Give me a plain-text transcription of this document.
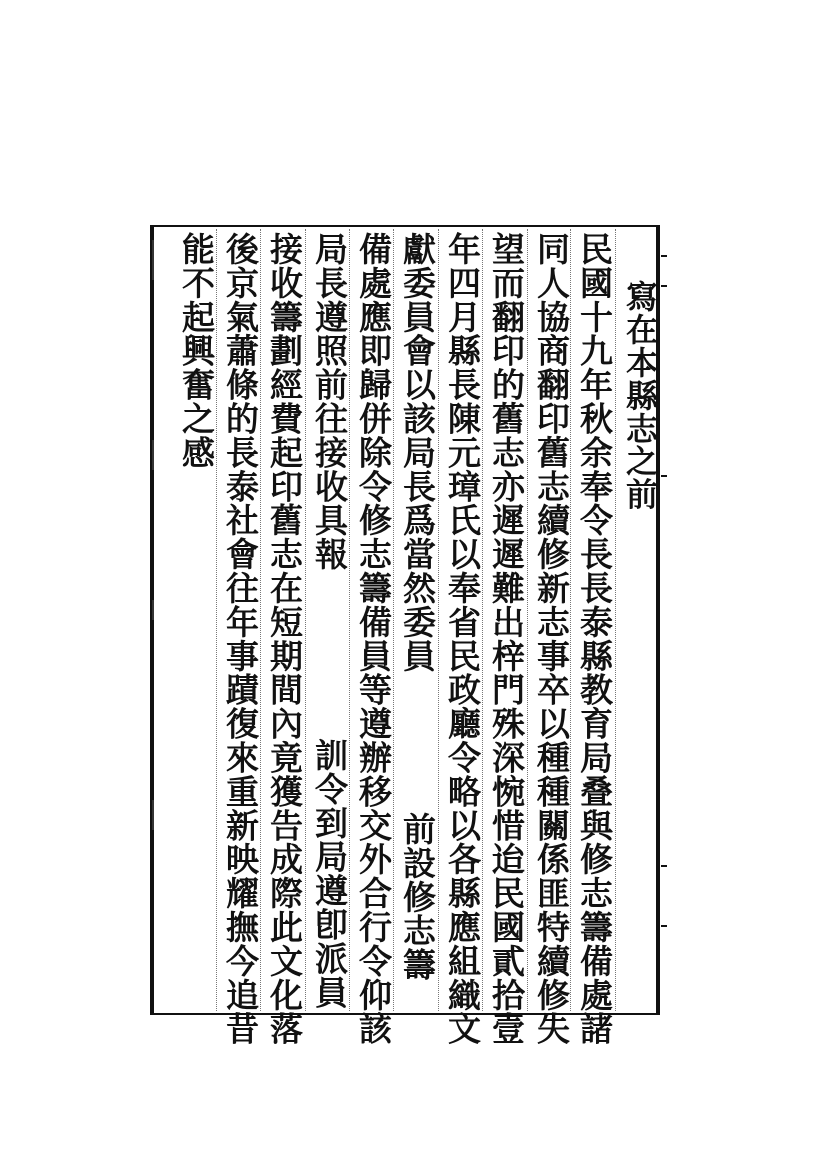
寫在本縣志之前
民國十九年秋余奉令長長泰縣教育局叠與修志籌備處諸
同人協商翻印舊志續修新志事卒以種種關係匪特續修失
望而翻印的舊志亦遲遲難出梓門殊深惋惜迨民國貳拾壹
年四月縣長陳元璋氏以奉省民政廳令略以各縣應組織文
獻委員會以該局長爲當然委員
前設修志籌
備處應即歸併除令修志籌備員等遵辦移交外合行令仰該
局長遵照前往接收具報
訓令到局遵卽派員
接收籌劃經費起印舊志在短期間內竟獲告成際此文化落
後京氣蕭條的長泰社會往年事蹟復來重新映耀撫今追昔
能不起興奮之感
